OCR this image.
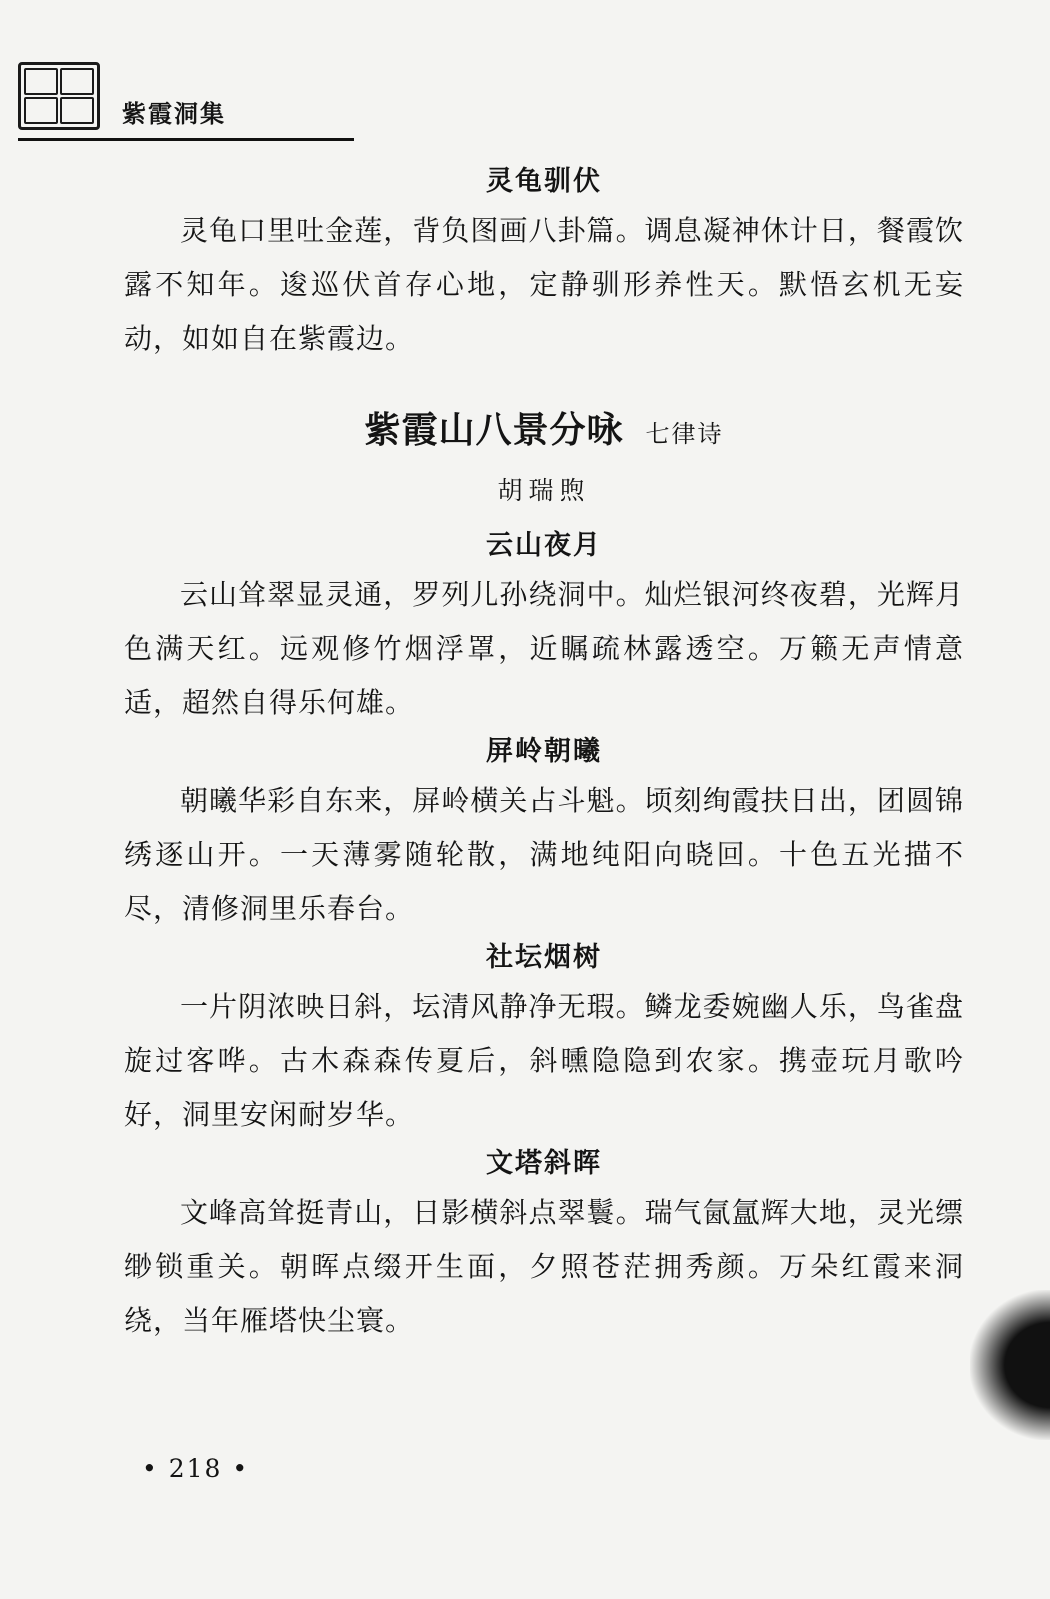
紫霞洞集
灵龟驯伏

灵龟口里吐金莲，背负图画八卦篇。调息凝神休计日，餐霞饮露不知年。逡巡伏首存心地，定静驯形养性天。默悟玄机无妄动，如如自在紫霞边。

紫霞山八景分咏 七律诗
胡瑞煦
云山夜月

云山耸翠显灵通，罗列儿孙绕洞中。灿烂银河终夜碧，光辉月色满天红。远观修竹烟浮罩，近瞩疏林露透空。万籁无声情意适，超然自得乐何雄。

屏岭朝曦

朝曦华彩自东来，屏岭横关占斗魁。顷刻绚霞扶日出，团圆锦绣逐山开。一天薄雾随轮散，满地纯阳向晓回。十色五光描不尽，清修洞里乐春台。

社坛烟树

一片阴浓映日斜，坛清风静净无瑕。鳞龙委婉幽人乐，鸟雀盘旋过客哗。古木森森传夏后，斜曛隐隐到农家。携壶玩月歌吟好，洞里安闲耐岁华。

文塔斜晖

文峰高耸挺青山，日影横斜点翠鬟。瑞气氤氲辉大地，灵光缥缈锁重关。朝晖点缀开生面，夕照苍茫拥秀颜。万朵红霞来洞绕，当年雁塔快尘寰。

• 218 •
